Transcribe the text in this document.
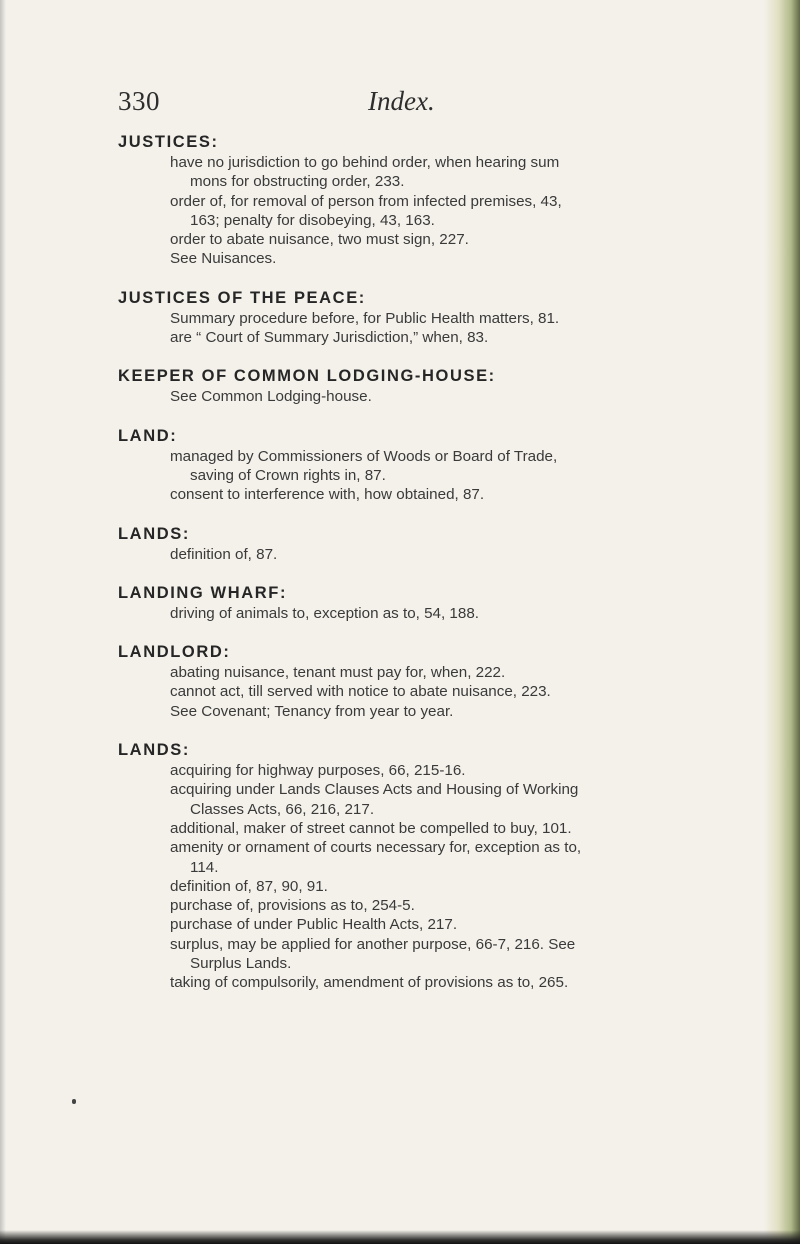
330	Index.

JUSTICES:

have no jurisdiction to go behind order, when hearing sum

mons for obstructing order, 233.

order of, for removal of person from infected premises, 43,

163; penalty for disobeying, 43, 163.

order to abate nuisance, two must sign, 227.

See Nuisances.

JUSTICES OF THE PEACE:

Summary procedure before, for Public Health matters, 81.

are “ Court of Summary Jurisdiction,” when, 83.

KEEPER OF COMMON LODGING-HOUSE:

See Common Lodging-house.

LAND:

managed by Commissioners of Woods or Board of Trade,

saving of Crown rights in, 87.

consent to interference with, how obtained, 87.

LANDS:

definition of, 87.

LANDING WHARF:

driving of animals to, exception as to, 54, 188.

LANDLORD:

abating nuisance, tenant must pay for, when, 222.

cannot act, till served with notice to abate nuisance, 223.

See Covenant; Tenancy from year to year.

LANDS:

acquiring for highway purposes, 66, 215-16.

acquiring under Lands Clauses Acts and Housing of Working

Classes Acts, 66, 216, 217.

additional, maker of street cannot be compelled to buy, 101.

amenity or ornament of courts necessary for, exception as to,

114.

definition of, 87, 90, 91.

purchase of, provisions as to, 254-5.

purchase of under Public Health Acts, 217.

surplus, may be applied for another purpose, 66-7, 216. See

Surplus Lands.

taking of compulsorily, amendment of provisions as to, 265.
